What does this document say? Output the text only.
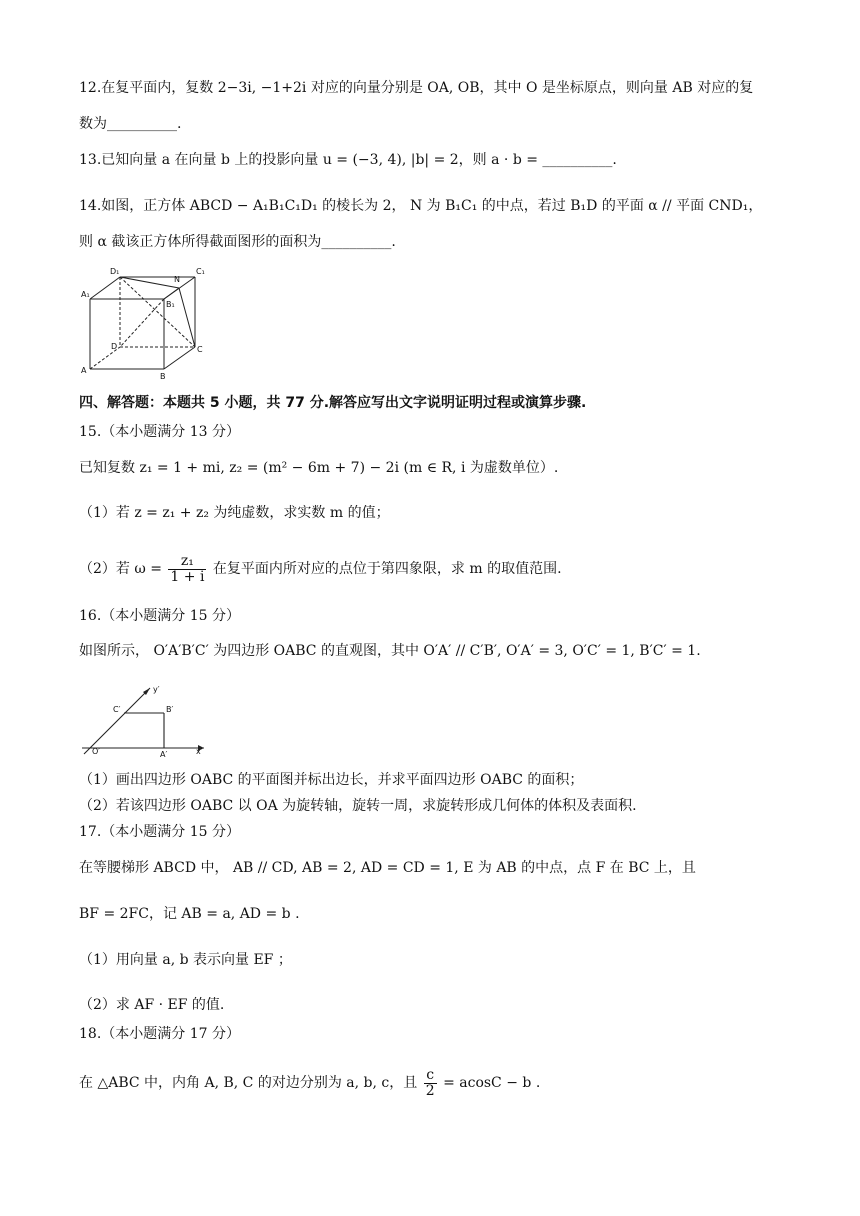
12.在复平面内，复数 2−3i, −1+2i 对应的向量分别是 OA, OB，其中 O 是坐标原点，则向量 AB 对应的复
数为__________.
13.已知向量 a 在向量 b 上的投影向量 u = (−3, 4), |b| = 2，则 a · b = __________.
14.如图，正方体 ABCD − A₁B₁C₁D₁ 的棱长为 2， N 为 B₁C₁ 的中点，若过 B₁D 的平面 α // 平面 CND₁，
则 α 截该正方体所得截面图形的面积为__________.
D₁
N
C₁
A₁
B₁
D	C
A
B
四、解答题：本题共 5 小题，共 77 分.解答应写出文字说明证明过程或演算步骤.
15.（本小题满分 13 分）
已知复数 z₁ = 1 + mi, z₂ = (m² − 6m + 7) − 2i (m ∈ R, i 为虚数单位）.
（1）若 z = z₁ + z₂ 为纯虚数，求实数 m 的值；
（2）若 $\omega = \frac{\text{z₁}}{1 + i}$ 在复平面内所对应的点位于第四象限，求 m 的取值范围.
16.（本小题满分 15 分）
如图所示， O′A′B′C′ 为四边形 OABC 的直观图，其中 O′A′ // C′B′, O′A′ = 3, O′C′ = 1, B′C′ = 1.
y′
C′	B′
O′	A′	x′
（1）画出四边形 OABC 的平面图并标出边长，并求平面四边形 OABC 的面积；
（2）若该四边形 OABC 以 OA 为旋转轴，旋转一周，求旋转形成几何体的体积及表面积.
17.（本小题满分 15 分）
在等腰梯形 ABCD 中， AB // CD, AB = 2, AD = CD = 1, E 为 AB 的中点，点 F 在 BC 上，且
BF = 2FC，记 AB = a, AD = b .
（1）用向量 a, b 表示向量 EF ；
（2）求 AF · EF 的值.
18.（本小题满分 17 分）
在 △ABC 中，内角 A, B, C 的对边分别为 a, b, c，且 $\frac{c}{2} = acosC - b$ .
